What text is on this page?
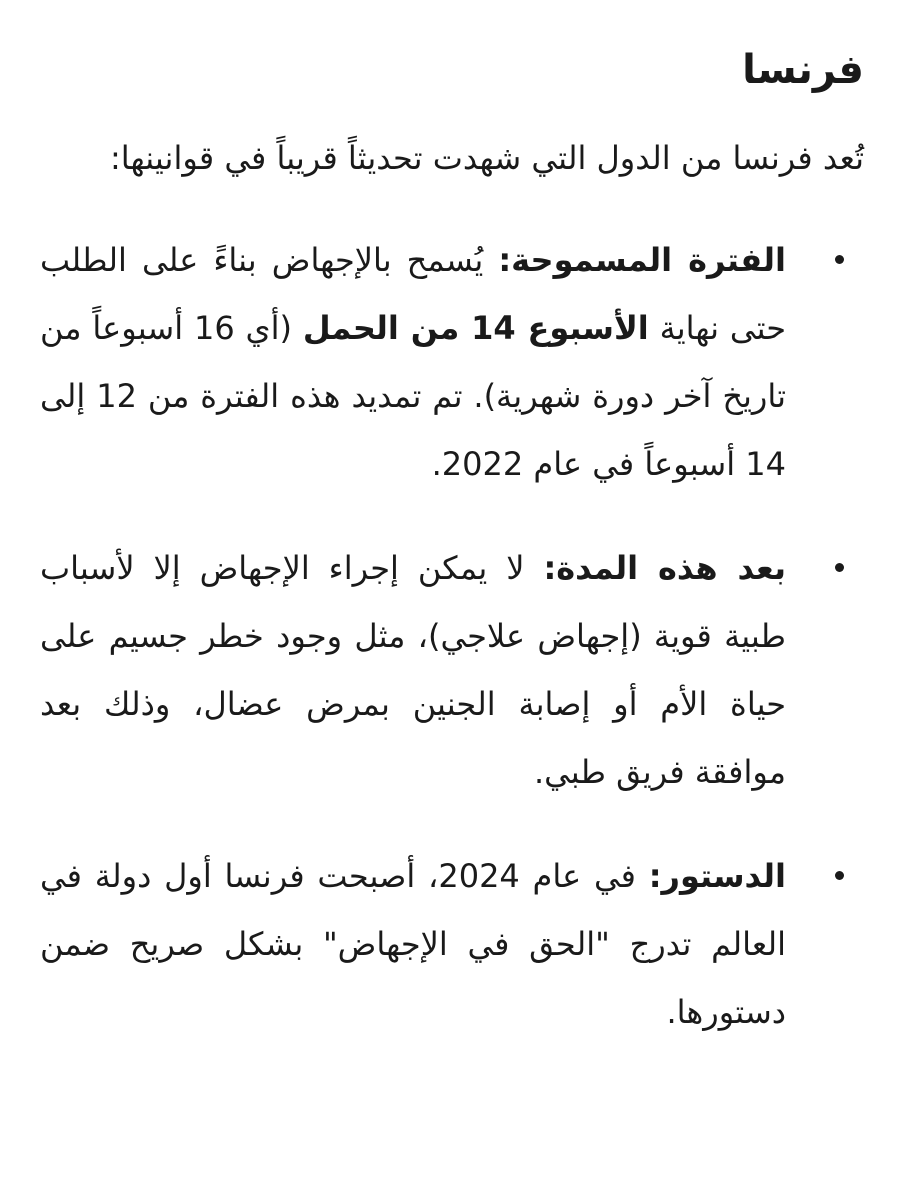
فرنسا

تُعد فرنسا من الدول التي شهدت تحديثاً قريباً في قوانينها:

الفترة المسموحة: يُسمح بالإجهاض بناءً على الطلب حتى نهاية الأسبوع 14 من الحمل (أي 16 أسبوعاً من تاريخ آخر دورة شهرية). تم تمديد هذه الفترة من 12 إلى 14 أسبوعاً في عام 2022.
بعد هذه المدة: لا يمكن إجراء الإجهاض إلا لأسباب طبية قوية (إجهاض علاجي)، مثل وجود خطر جسيم على حياة الأم أو إصابة الجنين بمرض عضال، وذلك بعد موافقة فريق طبي.
الدستور: في عام 2024، أصبحت فرنسا أول دولة في العالم تدرج "الحق في الإجهاض" بشكل صريح ضمن دستورها.
